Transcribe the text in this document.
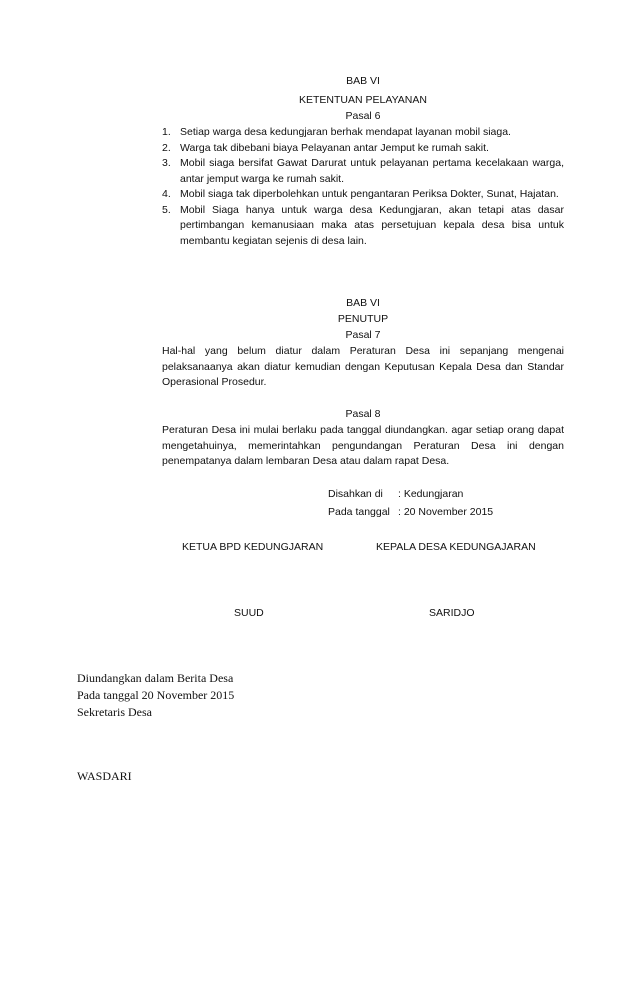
BAB VI
KETENTUAN PELAYANAN
Pasal 6
1. Setiap warga desa kedungjaran berhak mendapat layanan mobil siaga.
2. Warga tak dibebani biaya Pelayanan antar Jemput ke rumah sakit.
3. Mobil siaga bersifat Gawat Darurat untuk pelayanan pertama kecelakaan warga, antar jemput warga ke rumah sakit.
4. Mobil siaga tak diperbolehkan untuk pengantaran Periksa Dokter, Sunat, Hajatan.
5. Mobil Siaga hanya untuk warga desa Kedungjaran, akan tetapi atas dasar pertimbangan kemanusiaan maka atas persetujuan kepala desa bisa untuk membantu kegiatan sejenis di desa lain.
BAB VI
PENUTUP
Pasal 7
Hal-hal yang belum diatur dalam Peraturan Desa ini sepanjang mengenai pelaksanaanya akan diatur kemudian dengan Keputusan Kepala Desa dan Standar Operasional Prosedur.
Pasal 8
Peraturan Desa ini mulai berlaku pada tanggal diundangkan. agar setiap orang dapat mengetahuinya, memerintahkan pengundangan Peraturan Desa ini dengan penempatanya dalam lembaran Desa atau dalam rapat Desa.
Disahkan di : Kedungjaran
Pada tanggal : 20 November 2015
KETUA BPD KEDUNGJARAN	KEPALA DESA KEDUNGAJARAN
SUUD	SARIDJO
Diundangkan dalam Berita Desa
Pada tanggal 20 November 2015
Sekretaris Desa
WASDARI
